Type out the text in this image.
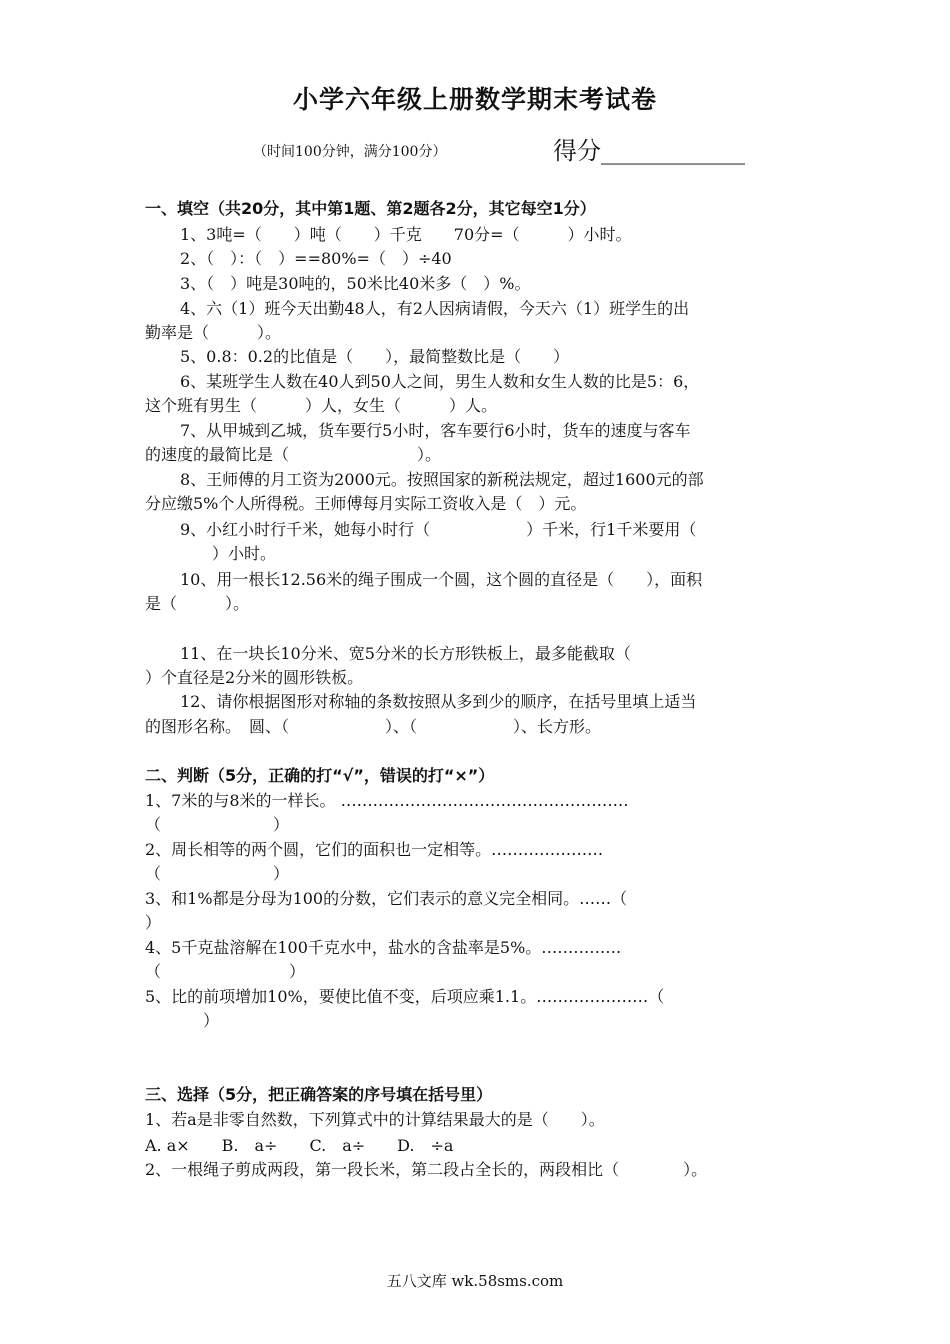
小学六年级上册数学期末考试卷
（时间100分钟，满分100分）	得分____________
一、填空（共20分，其中第1题、第2题各2分，其它每空1分）
1、3吨=（　　）吨（　　）千克　　70分=（　　　）小时。
2、（　）：（　）==80%=（　）÷40
3、（　）吨是30吨的，50米比40米多（　）%。
4、六（1）班今天出勤48人，有2人因病请假，今天六（1）班学生的出
勤率是（　　　）。
5、0.8：0.2的比值是（　　），最简整数比是（　　）
6、某班学生人数在40人到50人之间，男生人数和女生人数的比是5：6，
这个班有男生（　　　）人，女生（　　　）人。
7、从甲城到乙城，货车要行5小时，客车要行6小时，货车的速度与客车
的速度的最简比是（　　　　　　　　）。
8、王师傅的月工资为2000元。按照国家的新税法规定，超过1600元的部
分应缴5%个人所得税。王师傅每月实际工资收入是（　）元。
9、小红小时行千米，她每小时行（　　　　　　）千米，行1千米要用（
）小时。
10、用一根长12.56米的绳子围成一个圆，这个圆的直径是（　　），面积
是（　　　）。
11、在一块长10分米、宽5分米的长方形铁板上，最多能截取（
）个直径是2分米的圆形铁板。
12、请你根据图形对称轴的条数按照从多到少的顺序，在括号里填上适当
的图形名称。　圆、（　　　　　　）、（　　　　　　）、长方形。
二、判断（5分，正确的打“√”，错误的打“×”）
1、7米的与8米的一样长。 ………………………………………………
（　　　　　　　）
2、周长相等的两个圆，它们的面积也一定相等。…………………
（　　　　　　　）
3、和1%都是分母为100的分数，它们表示的意义完全相同。……（
）
4、5千克盐溶解在100千克水中，盐水的含盐率是5%。……………
（　　　　　　　　）
5、比的前项增加10%，要使比值不变，后项应乘1.1。…………………（
）
三、选择（5分，把正确答案的序号填在括号里）
1、若a是非零自然数，下列算式中的计算结果最大的是（　　）。
A. a×　　B.　a÷　　C.　a÷　　D.　÷a
2、一根绳子剪成两段，第一段长米，第二段占全长的，两段相比（　　　　）。
五八文库 wk.58sms.com
